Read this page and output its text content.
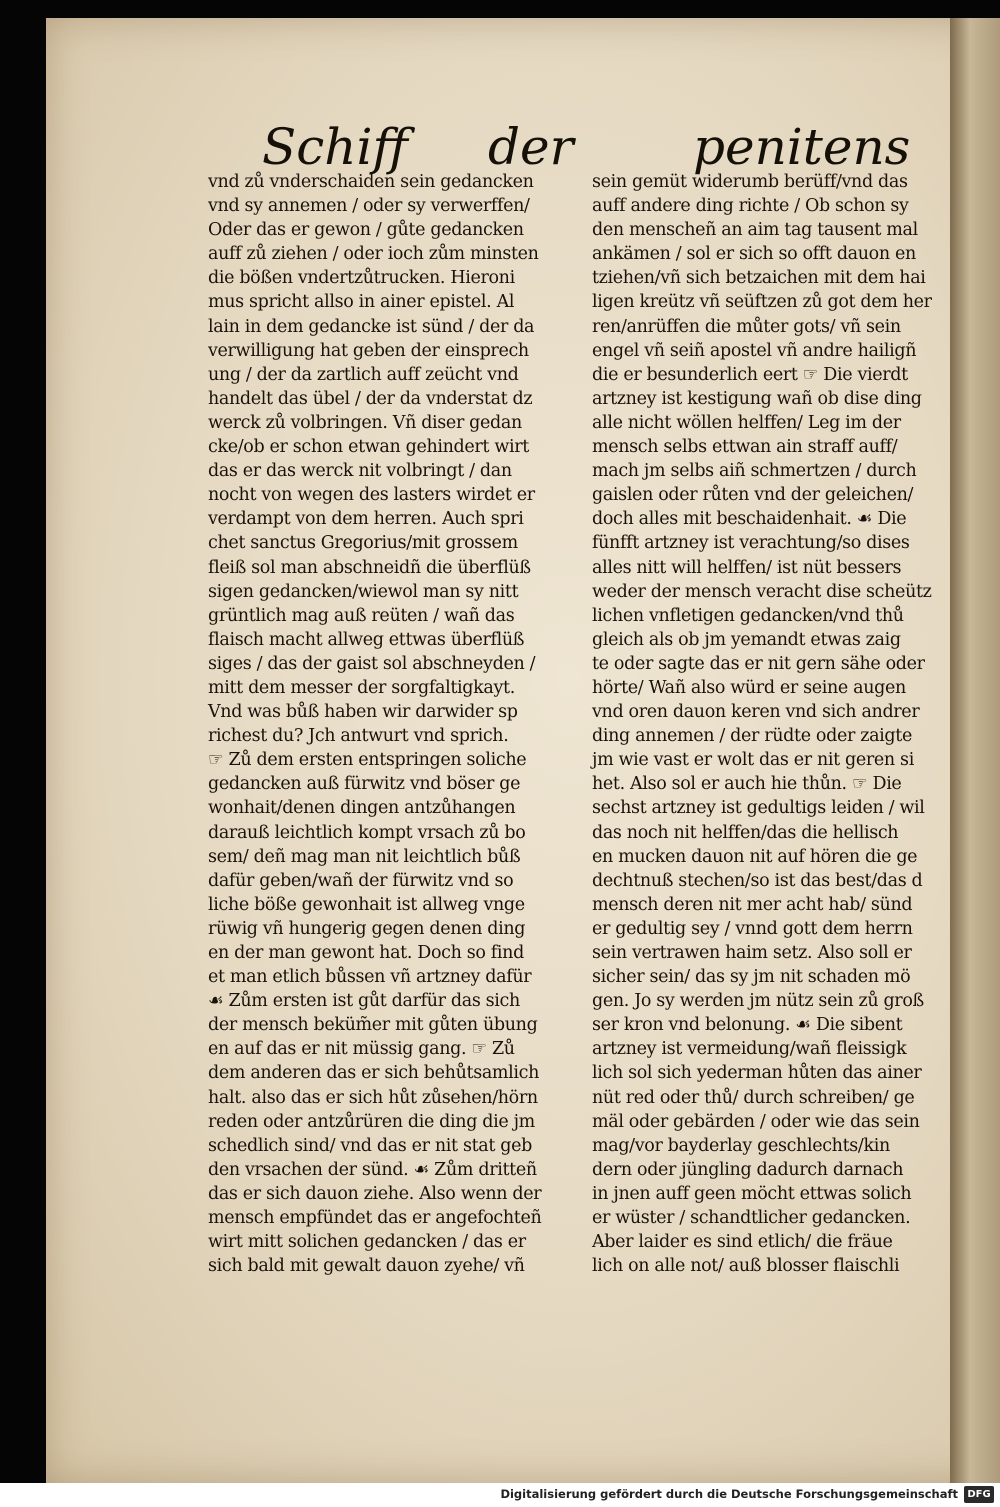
Schiff der penitens
vnd zů vnderschaiden sein gedancken
vnd sy annemen / oder sy verwerffen/
Oder das er gewon / gůte gedancken
auff zů ziehen / oder ioch zům minsten
die bößen vndertzůtrucken. Hieroni
mus spricht allso in ainer epistel. Al
lain in dem gedancke ist sünd / der da
verwilligung hat geben der einsprech
ung / der da zartlich auff zeücht vnd
handelt das übel / der da vnderstat dz
werck zů volbringen. Vñ diser gedan
cke/ob er schon etwan gehindert wirt
das er das werck nit volbringt / dan
nocht von wegen des lasters wirdet er
verdampt von dem herren. Auch spri
chet sanctus Gregorius/mit grossem
fleiß sol man abschneidñ die überflüß
sigen gedancken/wiewol man sy nitt
grüntlich mag auß reüten / wañ das
flaisch macht allweg ettwas überflüß
siges / das der gaist sol abschneyden /
mitt dem messer der sorgfaltigkayt.
Vnd was bůß haben wir darwider sp
richest du? Jch antwurt vnd sprich.
☞ Zů dem ersten entspringen soliche
gedancken auß fürwitz vnd böser ge
wonhait/denen dingen antzůhangen
darauß leichtlich kompt vrsach zů bo
sem/ deñ mag man nit leichtlich bůß
dafür geben/wañ der fürwitz vnd so
liche böße gewonhait ist allweg vnge
rüwig vñ hungerig gegen denen ding
en der man gewont hat. Doch so find
et man etlich bůssen vñ artzney dafür
☙ Zům ersten ist gůt darfür das sich
der mensch beküm̃er mit gůten übung
en auf das er nit müssig gang. ☞ Zů
dem anderen das er sich behůtsamlich
halt. also das er sich hůt zůsehen/hörn
reden oder antzůrüren die ding die jm
schedlich sind/ vnd das er nit stat geb
den vrsachen der sünd. ☙ Zům dritteñ
das er sich dauon ziehe. Also wenn der
mensch empfündet das er angefochteñ
wirt mitt solichen gedancken / das er
sich bald mit gewalt dauon zyehe/ vñ
sein gemüt widerumb berüff/vnd das
auff andere ding richte / Ob schon sy
den menscheñ an aim tag tausent mal
ankämen / sol er sich so offt dauon en
tziehen/vñ sich betzaichen mit dem hai
ligen kreütz vñ seüftzen zů got dem her
ren/anrüffen die můter gots/ vñ sein
engel vñ seiñ apostel vñ andre hailigñ
die er besunderlich eert ☞ Die vierdt
artzney ist kestigung wañ ob dise ding
alle nicht wöllen helffen/ Leg im der
mensch selbs ettwan ain straff auff/
mach jm selbs aiñ schmertzen / durch
gaislen oder růten vnd der geleichen/
doch alles mit beschaidenhait. ☙ Die
fünfft artzney ist verachtung/so dises
alles nitt will helffen/ ist nüt bessers
weder der mensch veracht dise scheütz
lichen vnfletigen gedancken/vnd thů
gleich als ob jm yemandt etwas zaig
te oder sagte das er nit gern sähe oder
hörte/ Wañ also würd er seine augen
vnd oren dauon keren vnd sich andrer
ding annemen / der rüdte oder zaigte
jm wie vast er wolt das er nit geren si
het. Also sol er auch hie thůn. ☞ Die
sechst artzney ist gedultigs leiden / wil
das noch nit helffen/das die hellisch
en mucken dauon nit auf hören die ge
dechtnuß stechen/so ist das best/das d
mensch deren nit mer acht hab/ sünd
er gedultig sey / vnnd gott dem herrn
sein vertrawen haim setz. Also soll er
sicher sein/ das sy jm nit schaden mö
gen. Jo sy werden jm nütz sein zů groß
ser kron vnd belonung. ☙ Die sibent
artzney ist vermeidung/wañ fleissigk
lich sol sich yederman hůten das ainer
nüt red oder thů/ durch schreiben/ ge
mäl oder gebärden / oder wie das sein
mag/vor bayderlay geschlechts/kin
dern oder jüngling dadurch darnach
in jnen auff geen möcht ettwas solich
er wüster / schandtlicher gedancken.
Aber laider es sind etlich/ die fräue
lich on alle not/ auß blosser flaischli
Digitalisierung gefördert durch die Deutsche Forschungsgemeinschaft DFG
